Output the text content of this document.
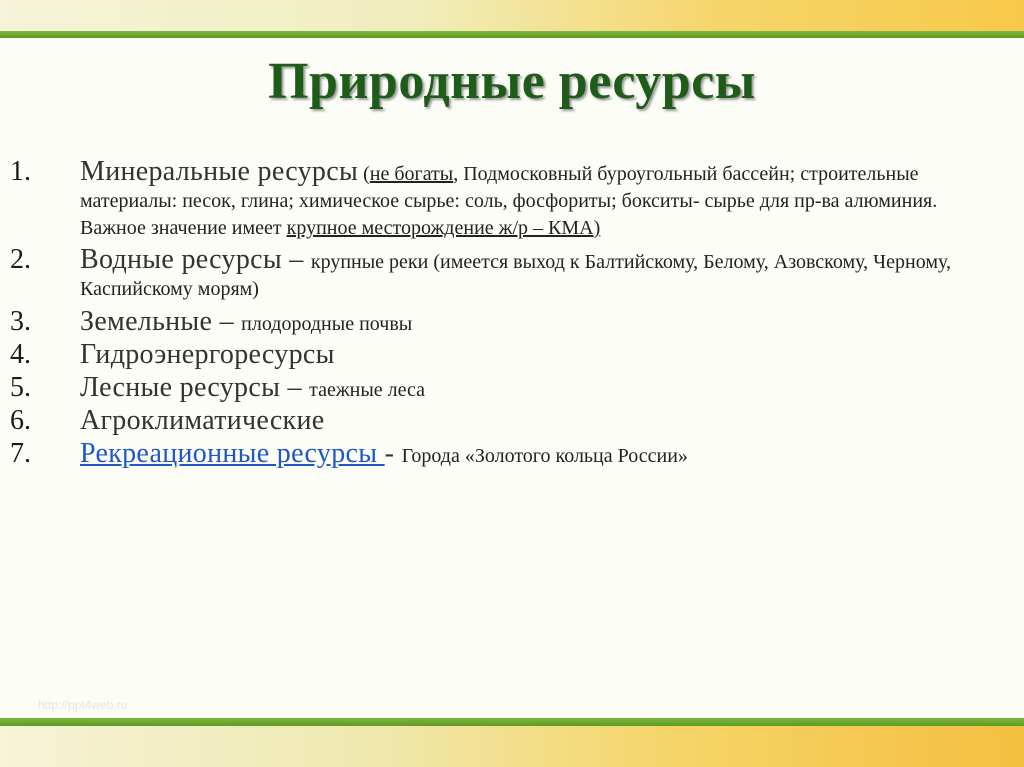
Природные ресурсы
1. Минеральные ресурсы (не богаты, Подмосковный буроугольный бассейн; строительные материалы: песок, глина; химическое сырье: соль, фосфориты; бокситы- сырье для пр-ва алюминия. Важное значение имеет крупное месторождение ж/р – КМА)
2. Водные ресурсы – крупные реки (имеется выход к Балтийскому, Белому, Азовскому, Черному, Каспийскому морям)
3. Земельные – плодородные почвы
4. Гидроэнергоресурсы
5. Лесные ресурсы – таежные леса
6. Агроклиматические
7. Рекреационные ресурсы - Города «Золотого кольца России»
http://ppt4web.ru
